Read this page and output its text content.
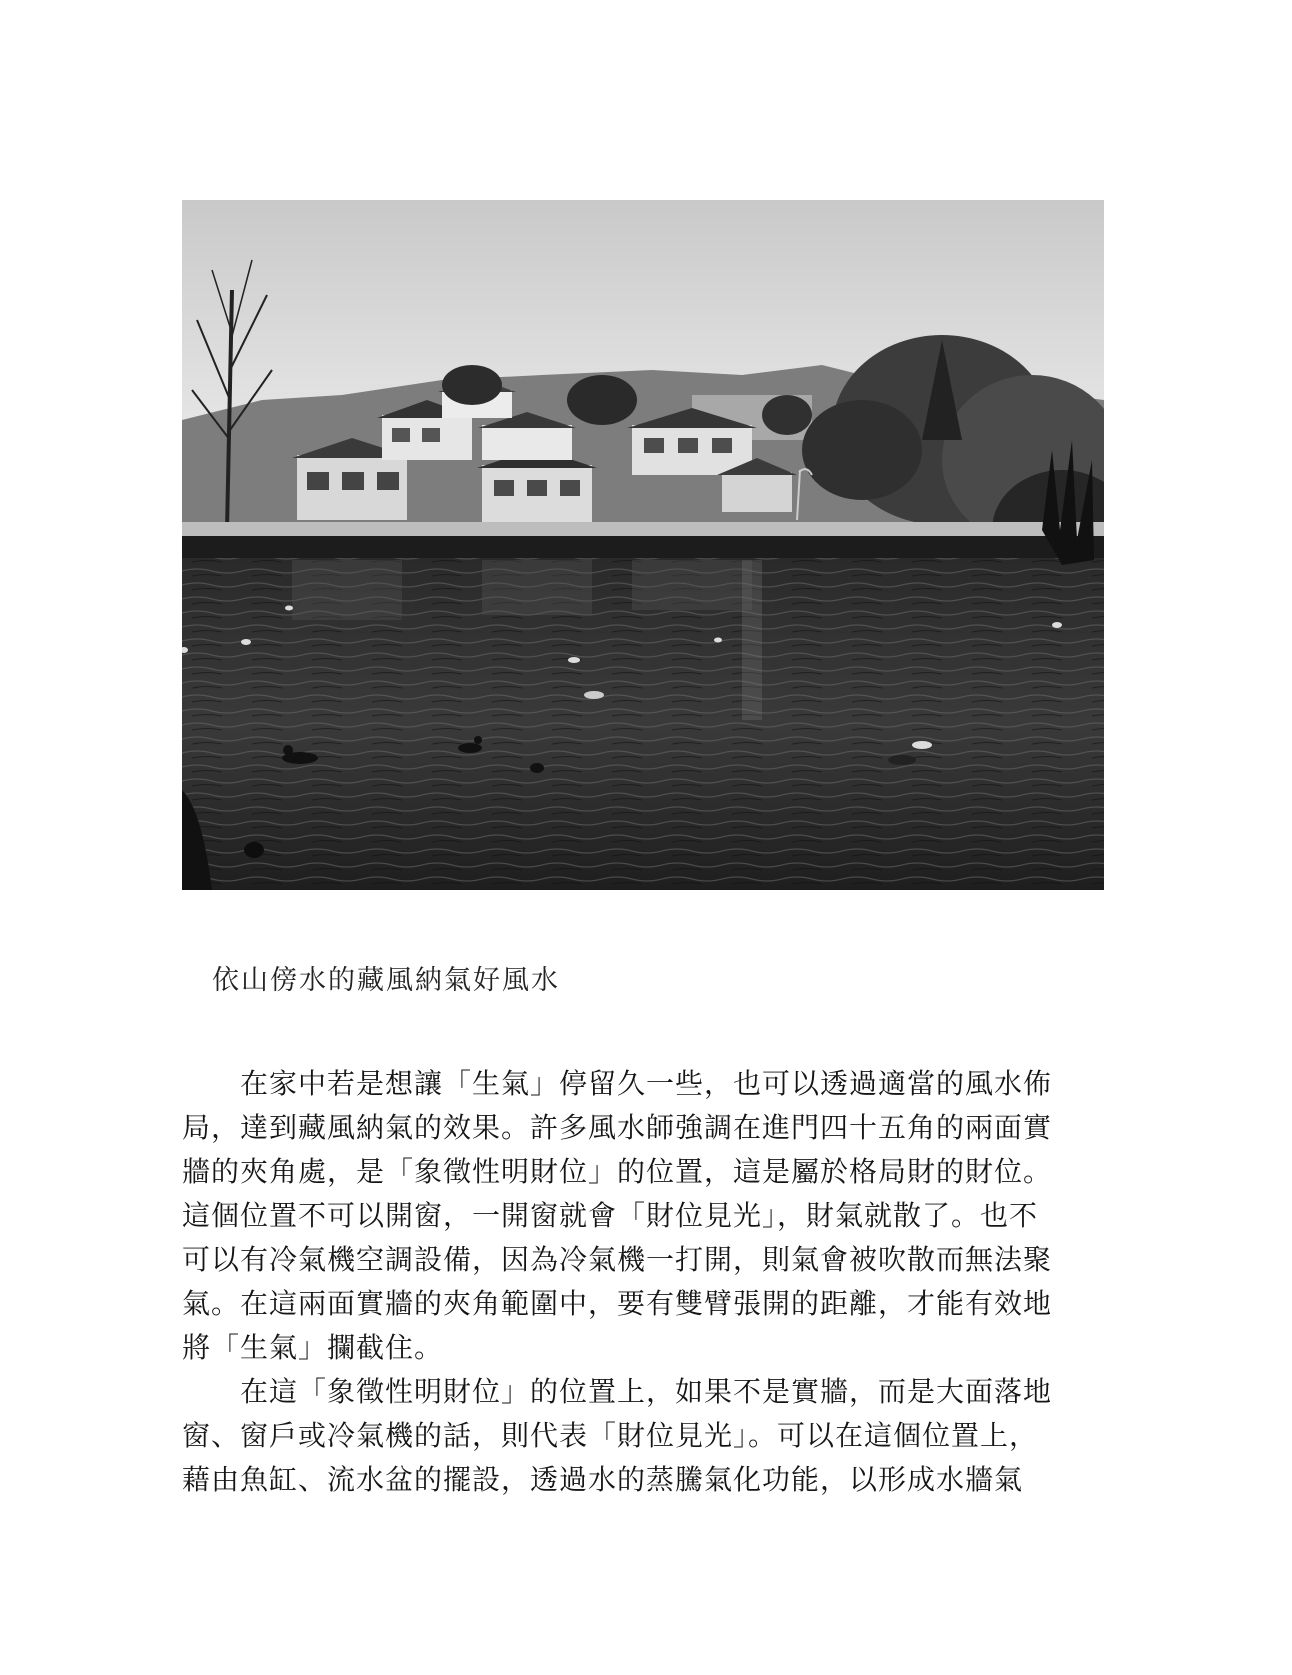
依山傍水的藏風納氣好風水
在家中若是想讓「生氣」停留久一些，也可以透過適當的風水佈
局，達到藏風納氣的效果。許多風水師強調在進門四十五角的兩面實
牆的夾角處，是「象徵性明財位」的位置，這是屬於格局財的財位。
這個位置不可以開窗，一開窗就會「財位見光」，財氣就散了。也不
可以有冷氣機空調設備，因為冷氣機一打開，則氣會被吹散而無法聚
氣。在這兩面實牆的夾角範圍中，要有雙臂張開的距離，才能有效地
將「生氣」攔截住。
在這「象徵性明財位」的位置上，如果不是實牆，而是大面落地
窗、窗戶或冷氣機的話，則代表「財位見光」。可以在這個位置上，
藉由魚缸、流水盆的擺設，透過水的蒸騰氣化功能，以形成水牆氣
